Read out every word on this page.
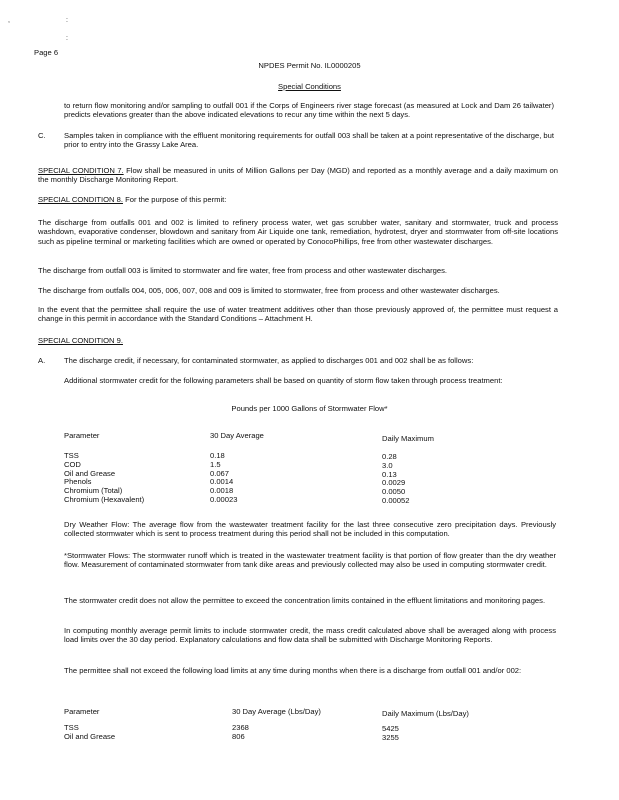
,	:
:
Page 6
NPDES Permit No. IL0000205
Special Conditions
to return flow monitoring and/or sampling to outfall 001 if the Corps of Engineers river stage forecast (as measured at Lock and Dam 26 tailwater) predicts elevations greater than the above indicated elevations to recur any time within the next 5 days.
C. Samples taken in compliance with the effluent monitoring requirements for outfall 003 shall be taken at a point representative of the discharge, but prior to entry into the Grassy Lake Area.
SPECIAL CONDITION 7. Flow shall be measured in units of Million Gallons per Day (MGD) and reported as a monthly average and a daily maximum on the monthly Discharge Monitoring Report.
SPECIAL CONDITION 8. For the purpose of this permit:
The discharge from outfalls 001 and 002 is limited to refinery process water, wet gas scrubber water, sanitary and stormwater, truck and process washdown, evaporative condenser, blowdown and sanitary from Air Liquide one tank, remediation, hydrotest, dryer and stormwater from off-site locations such as pipeline terminal or marketing facilities which are owned or operated by ConocoPhillips, free from other wastewater discharges.
The discharge from outfall 003 is limited to stormwater and fire water, free from process and other wastewater discharges.
The discharge from outfalls 004, 005, 006, 007, 008 and 009 is limited to stormwater, free from process and other wastewater discharges.
In the event that the permittee shall require the use of water treatment additives other than those previously approved of, the permittee must request a change in this permit in accordance with the Standard Conditions – Attachment H.
SPECIAL CONDITION 9.
A. The discharge credit, if necessary, for contaminated stormwater, as applied to discharges 001 and 002 shall be as follows:
Additional stormwater credit for the following parameters shall be based on quantity of storm flow taken through process treatment:
Pounds per 1000 Gallons of Stormwater Flow*
Parameter	30 Day Average	Daily Maximum
TSS	0.18	0.28
COD	1.5	3.0
Oil and Grease	0.067	0.13
Phenols	0.0014	0.0029
Chromium (Total)	0.0018	0.0050
Chromium (Hexavalent)	0.00023	0.00052
Dry Weather Flow: The average flow from the wastewater treatment facility for the last three consecutive zero precipitation days. Previously collected stormwater which is sent to process treatment during this period shall not be included in this computation.
*Stormwater Flows: The stormwater runoff which is treated in the wastewater treatment facility is that portion of flow greater than the dry weather flow. Measurement of contaminated stormwater from tank dike areas and previously collected may also be used in computing stormwater credit.
The stormwater credit does not allow the permittee to exceed the concentration limits contained in the effluent limitations and monitoring pages.
In computing monthly average permit limits to include stormwater credit, the mass credit calculated above shall be averaged along with process load limits over the 30 day period. Explanatory calculations and flow data shall be submitted with Discharge Monitoring Reports.
The permittee shall not exceed the following load limits at any time during months when there is a discharge from outfall 001 and/or 002:
Parameter	30 Day Average (Lbs/Day)	Daily Maximum (Lbs/Day)
TSS	2368	5425
Oil and Grease	806	3255
